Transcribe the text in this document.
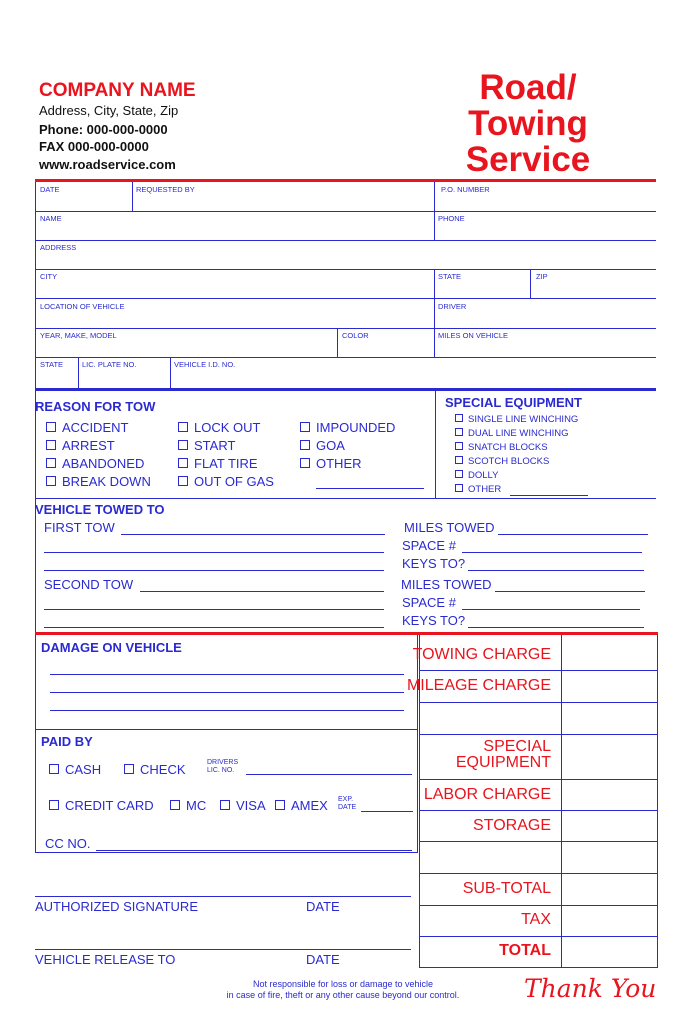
COMPANY NAME
Address, City, State, Zip
Phone: 000-000-0000
FAX 000-000-0000
www.roadservice.com
Road/
Towing
Service
DATE	REQUESTED BY	P.O. NUMBER
NAME	PHONE
ADDRESS
CITY	STATE	ZIP
LOCATION OF VEHICLE	DRIVER
YEAR, MAKE, MODEL	COLOR	MILES ON VEHICLE
STATE	LIC. PLATE NO.	VEHICLE I.D. NO.
REASON FOR TOW
ACCIDENT
ARREST
ABANDONED
BREAK DOWN
LOCK OUT
START
FLAT TIRE
OUT OF GAS
IMPOUNDED
GOA
OTHER
SPECIAL EQUIPMENT
SINGLE LINE WINCHING
DUAL LINE WINCHING
SNATCH BLOCKS
SCOTCH BLOCKS
DOLLY
OTHER
VEHICLE TOWED TO
FIRST TOW	MILES TOWED
SPACE #
KEYS TO?
SECOND TOW	MILES TOWED
SPACE #
KEYS TO?
DAMAGE ON VEHICLE
PAID BY
CASH	CHECK	DRIVERS
LIC. NO.
CREDIT CARD	MC	VISA	AMEX EXP.
DATE
CC NO.
TOWING CHARGE
MILEAGE CHARGE
SPECIAL
EQUIPMENT
LABOR CHARGE
STORAGE
SUB-TOTAL
TAX
TOTAL
AUTHORIZED SIGNATURE	DATE
VEHICLE RELEASE TO	DATE
Not responsible for loss or damage to vehicle
in case of fire, theft or any other cause beyond our control.	Thank You
